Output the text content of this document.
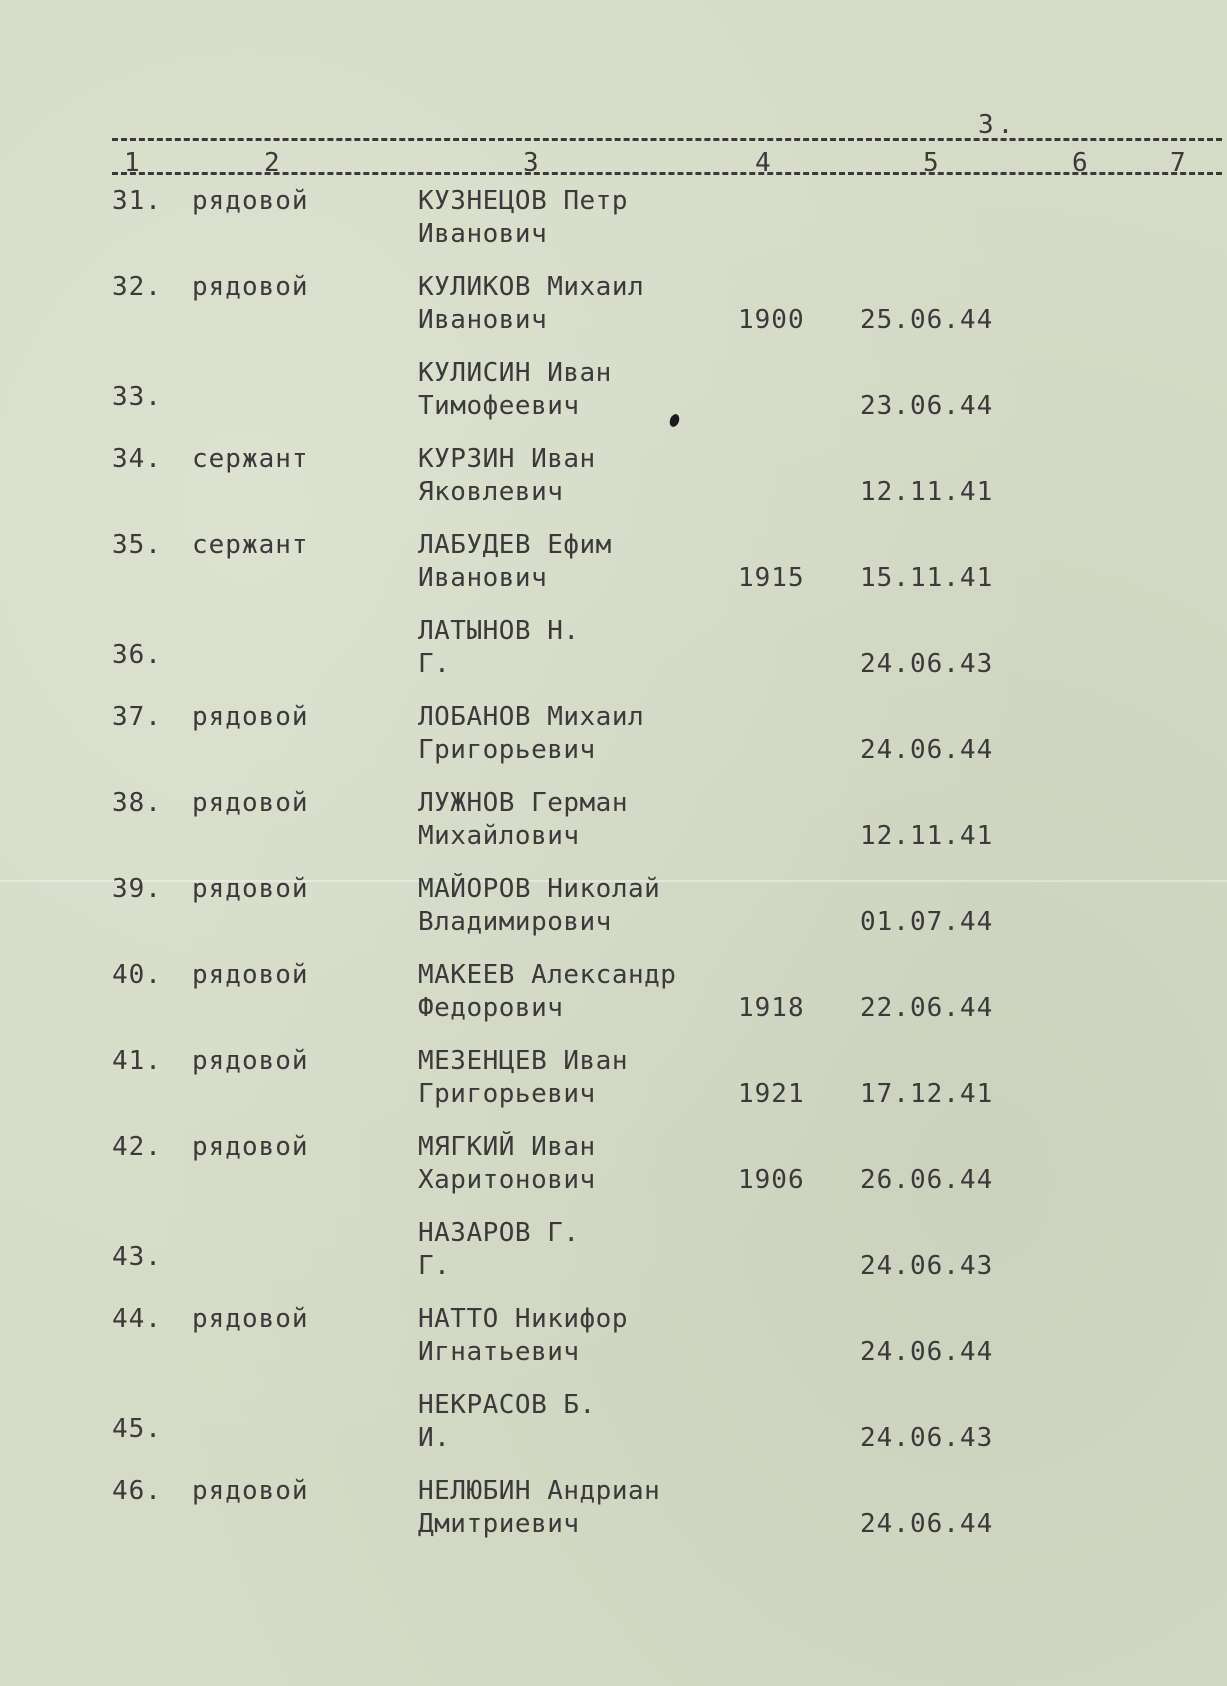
3.
1	2	3	4	5	6	7
31. рядовой	КУЗНЕЦОВ Петр
Иванович
32. рядовой	КУЛИКОВ Михаил
Иванович	1900 25.06.44
33.
КУЛИСИН Иван
Тимофеевич	23.06.44
34. сержант	КУРЗИН Иван
Яковлевич	12.11.41
35. сержант	ЛАБУДЕВ Ефим
Иванович	1915 15.11.41
36.
ЛАТЫНОВ Н.
Г.	24.06.43
37. рядовой	ЛОБАНОВ Михаил
Григорьевич	24.06.44
38. рядовой	ЛУЖНОВ Герман
Михайлович	12.11.41
39. рядовой	МАЙОРОВ Николай
Владимирович	01.07.44
40. рядовой	МАКЕЕВ Александр
Федорович	1918 22.06.44
41. рядовой	МЕЗЕНЦЕВ Иван
Григорьевич	1921 17.12.41
42. рядовой	МЯГКИЙ Иван
Харитонович	1906 26.06.44
43.
НАЗАРОВ Г.
Г.	24.06.43
44. рядовой	НАТТО Никифор
Игнатьевич	24.06.44
45.
НЕКРАСОВ Б.
И.	24.06.43
46. рядовой	НЕЛЮБИН Андриан
Дмитриевич	24.06.44
